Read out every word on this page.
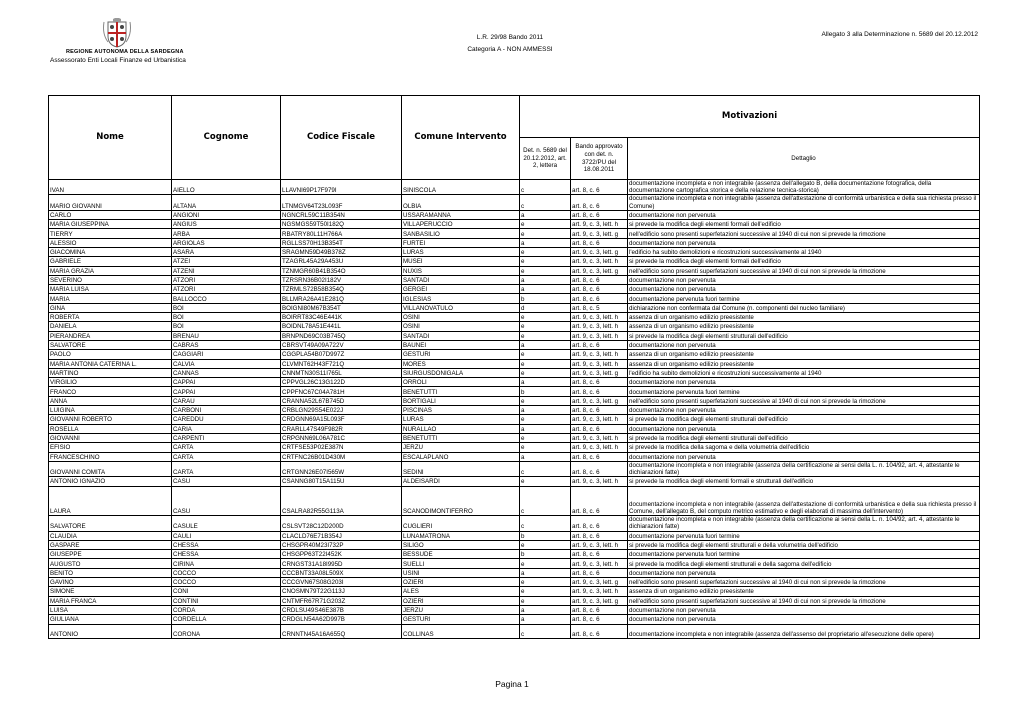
REGIONE AUTONOMA DELLA SARDEGNA
Assessorato Enti Locali Finanze ed Urbanistica
L.R. 29/98 Bando 2011
Categoria A - NON AMMESSI
Allegato 3 alla Determinazione n. 5689 del 20.12.2012
Nome	Cognome	Codice Fiscale	Comune Intervento	Motivazioni		
				Det. n. 5689 del 20.12.2012, art. 2, lettera	Bando approvato con det. n. 3722/PU del 18.08.2011	Dettaglio
IVAN	AIELLO	LLAVNI69P17F979I	SINISCOLA	c	art. 8, c. 6	documentazione incompleta e non integrabile (assenza dell'allegato B, della documentazione fotografica, della documentazione cartografica storica e della relazione tecnica-storica)
MARIO GIOVANNI	ALTANA	LTNMGV64T23L093F	OLBIA	c	art. 8, c. 6	documentazione incompleta e non integrabile (assenza dell'attestazione di conformità urbanistica e della sua richiesta presso il Comune)
CARLO	ANGIONI	NGNCRL59C11B354N	USSARAMANNA	a	art. 8, c. 6	documentazione non pervenuta
MARIA GIUSEPPINA	ANGIUS	NGSMGS59T50I182Q	VILLAPERUCCIO	e	art. 9, c. 3, lett. h	si prevede la modifica degli elementi formali dell'edificio
TIERRY	ARBA	RBATRY80L11H766A	SANBASILIO	e	art. 9, c. 3, lett. g	nell'edificio sono presenti superfetazioni successive al 1940 di cui non si prevede la rimozione
ALESSIO	ARGIOLAS	RGLLSS70H13B354T	FURTEI	a	art. 8, c. 6	documentazione non pervenuta
GIACOMINA	ASARA	SRAGMN59D49B378Z	LURAS	e	art. 9, c. 3, lett. g	l'edificio ha subito demolizioni e ricostruzioni successivamente al 1940
GABRIELE	ATZEI	TZAGRL45A29A453U	MUSEI	e	art. 9, c. 3, lett. h	si prevede la modifica degli elementi formali dell'edificio
MARIA GRAZIA	ATZENI	TZNMGR60B41B354O	NUXIS	e	art. 9, c. 3, lett. g	nell'edificio sono presenti superfetazioni successive al 1940 di cui non si prevede la rimozione
SEVERINO	ATZORI	TZRSRN36B02I182V	SANTADI	a	art. 8, c. 6	documentazione non pervenuta
MARIA LUISA	ATZORI	TZRMLS72B58B354Q	GERGEI	a	art. 8, c. 6	documentazione non pervenuta
MARIA	BALLOCCO	BLLMRA26A41E281Q	IGLESIAS	b	art. 8, c. 6	documentazione pervenuta fuori termine
GINA	BOI	BOIGNI80M67B354T	VILLANOVATULO	d	art. 8, c. 5	dichiarazione non confermata dal Comune (n. componenti del nucleo familiare)
ROBERTA	BOI	BOIRRT83C46E441K	OSINI	e	art. 9, c. 3, lett. h	assenza di un organismo edilizio preesistente
DANIELA	BOI	BOIDNL78A51E441L	OSINI	e	art. 9, c. 3, lett. h	assenza di un organismo edilizio preesistente
PIERANDREA	BRENAU	BRNPND69C03B745Q	SANTADI	e	art. 9, c. 3, lett. h	si prevede la modifica degli elementi strutturali dell'edificio
SALVATORE	CABRAS	CBRSVT49A09A722V	BAUNEI	a	art. 8, c. 6	documentazione non pervenuta
PAOLO	CAGGIARI	CGGPLA54B07D997Z	GESTURI	e	art. 9, c. 3, lett. h	assenza di un organismo edilizio preesistente
MARIA ANTONIA CATERINA L.	CALVIA	CLVMNT62H43F721Q	MORES	e	art. 9, c. 3, lett. h	assenza di un organismo edilizio preesistente
MARTINO	CANNAS	CNNMTN30S11I765L	SIURGUSDONIGALA	e	art. 9, c. 3, lett. g	l'edificio ha subito demolizioni e ricostruzioni successivamente al 1940
VIRGILIO	CAPPAI	CPPVGL26C13G122D	ORROLI	a	art. 8, c. 6	documentazione non pervenuta
FRANCO	CAPPAI	CPPFNC67C04A781H	BENETUTTI	b	art. 8, c. 6	documentazione pervenuta fuori termine
ANNA	CARAU	CRANNA52L67B745D	BORTIGALI	e	art. 9, c. 3, lett. g	nell'edificio sono presenti superfetazioni successive al 1940 di cui non si prevede la rimozione
LUIGINA	CARBONI	CRBLGN29S54E022J	PISCINAS	a	art. 8, c. 6	documentazione non pervenuta
GIOVANNI ROBERTO	CAREDDU	CRDGNN69A15L093F	LURAS	e	art. 9, c. 3, lett. h	si prevede la modifica degli elementi strutturali dell'edificio
ROSELLA	CARIA	CRARLL47S49F982R	NURALLAO	a	art. 8, c. 6	documentazione non pervenuta
GIOVANNI	CARPENTI	CRPGNN69L06A781C	BENETUTTI	e	art. 9, c. 3, lett. h	si prevede la modifica degli elementi strutturali dell'edificio
EFISIO	CARTA	CRTFSE53P02E387N	JERZU	e	art. 9, c. 3, lett. h	si prevede la modifica della sagoma e della volumetria dell'edificio
FRANCESCHINO	CARTA	CRTFNC26B01D430M	ESCALAPLANO	a	art. 8, c. 6	documentazione non pervenuta
GIOVANNI COMITA	CARTA	CRTGNN26E07I565W	SEDINI	c	art. 8, c. 6	documentazione incompleta e non integrabile (assenza della certificazione ai sensi della L. n. 104/92, art. 4, attestante le dichiarazioni fatte)
ANTONIO IGNAZIO	CASU	CSANNG80T15A115U	ALDEISARDI	e	art. 9, c. 3, lett. h	si prevede la modifica degli elementi formali e strutturali dell'edificio
LAURA	CASU	CSALRA82R55G113A	SCANODIMONTIFERRO	c	art. 8, c. 6	documentazione incompleta e non integrabile (assenza dell'attestazione di conformità urbanistica e della sua richiesta presso il Comune, dell'allegato B, del computo metrico estimativo e degli elaborati di massima dell'intervento)
SALVATORE	CASULE	CSLSVT28C12D200D	CUGLIERI	c	art. 8, c. 6	documentazione incompleta e non integrabile (assenza della certificazione ai sensi della L. n. 104/92, art. 4, attestante le dichiarazioni fatte)
CLAUDIA	CAULI	CLACLD76E71B354J	LUNAMATRONA	b	art. 8, c. 6	documentazione pervenuta fuori termine
GASPARE	CHESSA	CHSGPR40M23I732P	SILIGO	e	art. 9, c. 3, lett. h	si prevede la modifica degli elementi strutturali e della volumetria dell'edificio
GIUSEPPE	CHESSA	CHSGPP63T22I452K	BESSUDE	b	art. 8, c. 6	documentazione pervenuta fuori termine
AUGUSTO	CIRINA	CRNGST31A18I995D	SUELLI	e	art. 9, c. 3, lett. h	si prevede la modifica degli elementi strutturali e della sagoma dell'edificio
BENITO	COCCO	CCCBNT33A08L509X	USINI	a	art. 8, c. 6	documentazione non pervenuta
GAVINO	COCCO	CCCGVN67S08G203I	OZIERI	e	art. 9, c. 3, lett. g	nell'edificio sono presenti superfetazioni successive al 1940 di cui non si prevede la rimozione
SIMONE	CONI	CNOSMN79T22G113J	ALES	e	art. 9, c. 3, lett. h	assenza di un organismo edilizio preesistente
MARIA FRANCA	CONTINI	CNTMFR67R71G203Z	OZIERI	e	art. 9, c. 3, lett. g	nell'edificio sono presenti superfetazioni successive al 1940 di cui non si prevede la rimozione
LUISA	CORDA	CRDLSU49S46E387B	JERZU	a	art. 8, c. 6	documentazione non pervenuta
GIULIANA	CORDELLA	CRDGLN54A62D997B	GESTURI	a	art. 8, c. 6	documentazione non pervenuta
ANTONIO	CORONA	CRNNTN45A16A655Q	COLLINAS	c	art. 8, c. 6	documentazione incompleta e non integrabile (assenza dell'assenso del proprietario all'esecuzione delle opere)
Pagina 1
